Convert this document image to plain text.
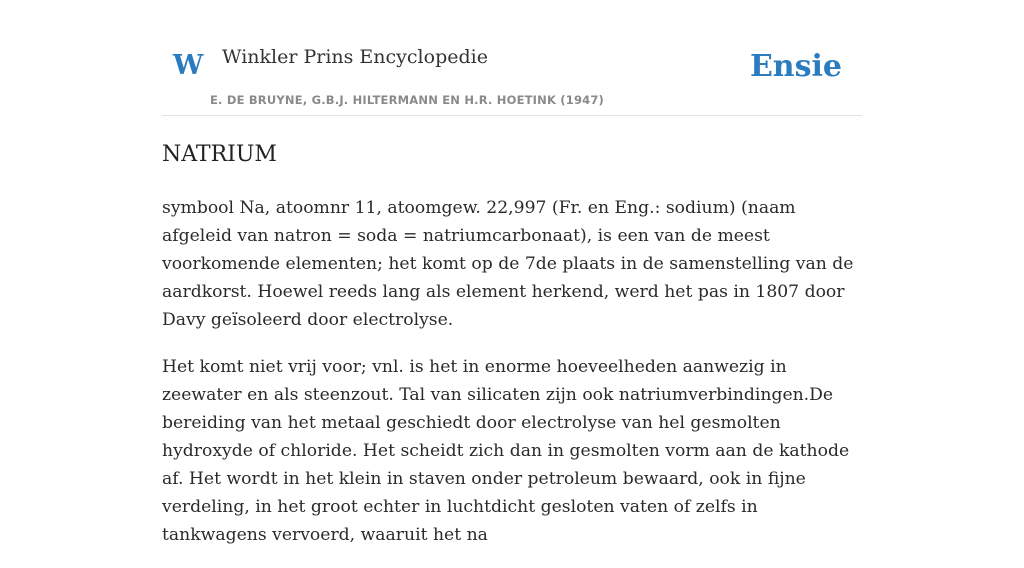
W Winkler Prins Encyclopedie
E. DE BRUYNE, G.B.J. HILTERMANN EN H.R. HOETINK (1947)
Ensie
NATRIUM

symbool Na, atoomnr 11, atoomgew. 22,997 (Fr. en Eng.: sodium) (naam afgeleid van natron = soda = natriumcarbonaat), is een van de meest voorkomende elementen; het komt op de 7de plaats in de samenstelling van de aardkorst. Hoewel reeds lang als element herkend, werd het pas in 1807 door Davy geïsoleerd door electrolyse.

Het komt niet vrij voor; vnl. is het in enorme hoeveelheden aanwezig in zeewater en als steenzout. Tal van silicaten zijn ook natriumverbindingen.De bereiding van het metaal geschiedt door electrolyse van hel gesmolten hydroxyde of chloride. Het scheidt zich dan in gesmolten vorm aan de kathode af. Het wordt in het klein in staven onder petroleum bewaard, ook in fijne verdeling, in het groot echter in luchtdicht gesloten vaten of zelfs in tankwagens vervoerd, waaruit het na
